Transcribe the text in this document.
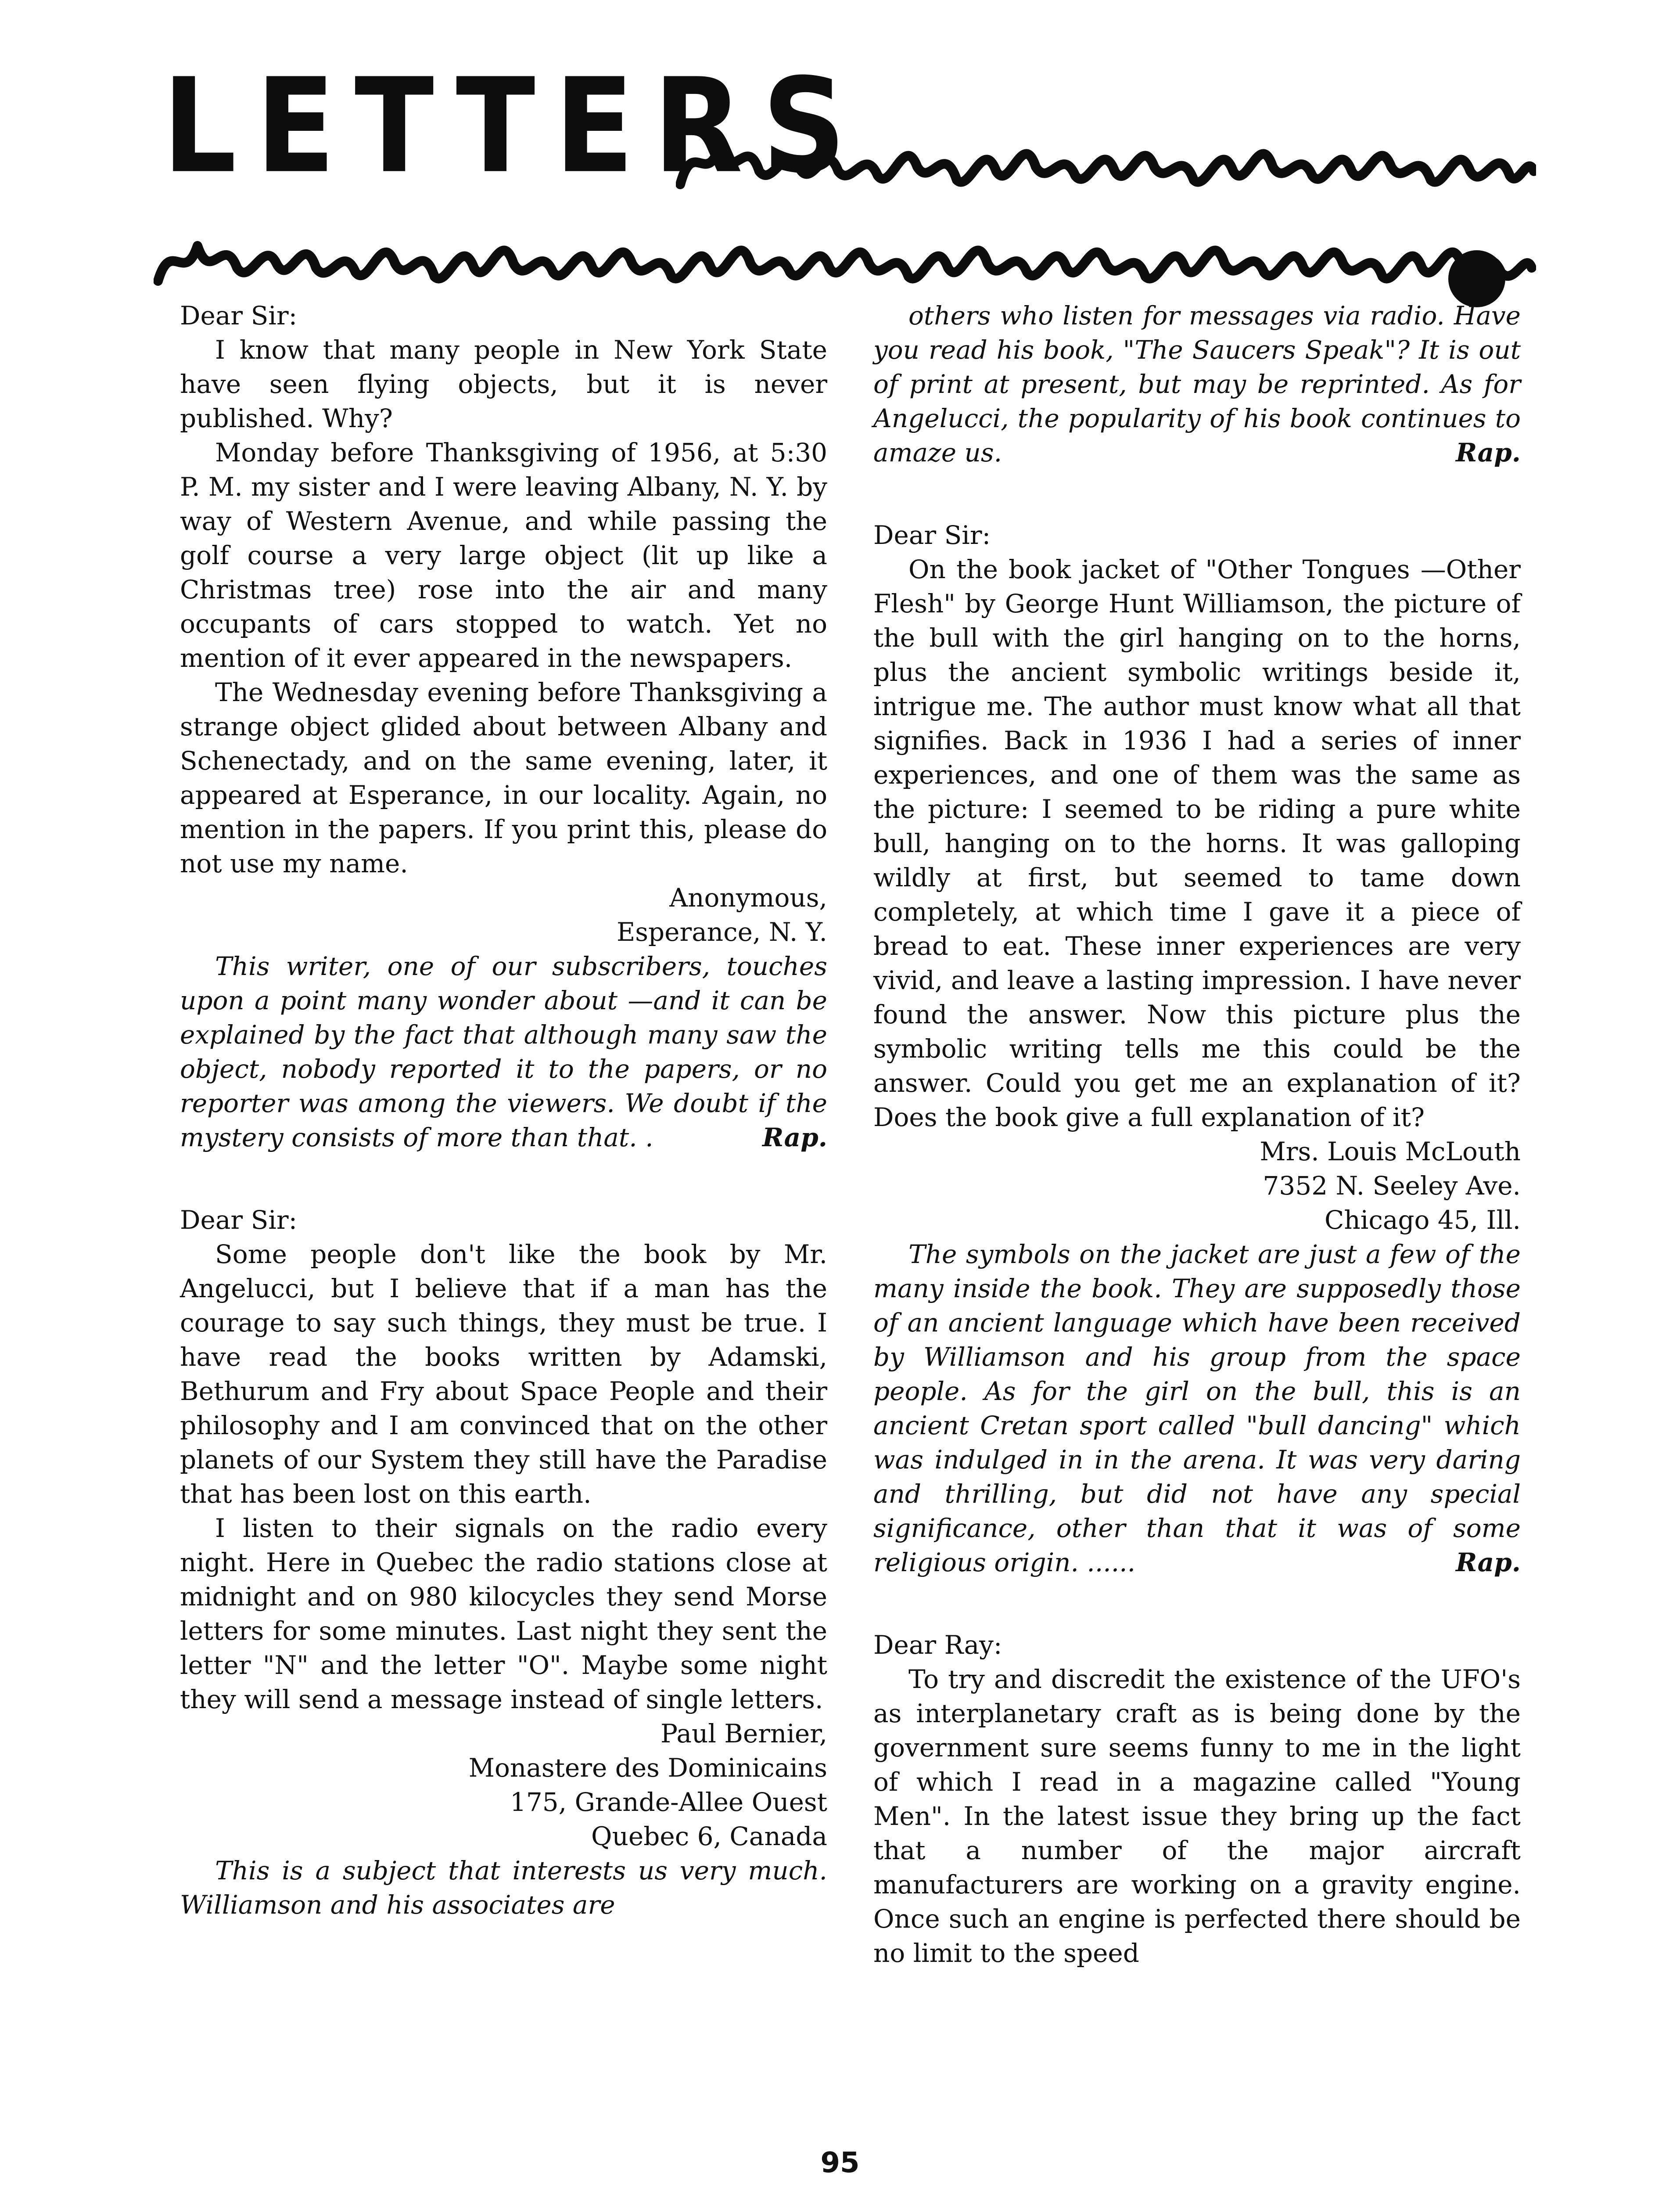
LETTERS

Dear Sir:

I know that many people in New York State have seen flying objects, but it is never published. Why?

Monday before Thanksgiving of 1956, at 5:30 P. M. my sister and I were leaving Albany, N. Y. by way of Western Avenue, and while passing the golf course a very large object (lit up like a Christmas tree) rose into the air and many occupants of cars stopped to watch. Yet no mention of it ever appeared in the newspapers.

The Wednesday evening before Thanksgiving a strange object glided about between Albany and Schenectady, and on the same evening, later, it appeared at Esperance, in our locality. Again, no mention in the papers. If you print this, please do not use my name.

Anonymous,
Esperance, N. Y.

This writer, one of our subscribers, touches upon a point many wonder about —and it can be explained by the fact that although many saw the object, nobody reported it to the papers, or no reporter was among the viewers. We doubt if the mystery consists of more than that. .	Rap.

Dear Sir:

Some people don't like the book by Mr. Angelucci, but I believe that if a man has the courage to say such things, they must be true. I have read the books written by Adamski, Bethurum and Fry about Space People and their philosophy and I am convinced that on the other planets of our System they still have the Paradise that has been lost on this earth.

I listen to their signals on the radio every night. Here in Quebec the radio stations close at midnight and on 980 kilocycles they send Morse letters for some minutes. Last night they sent the letter "N" and the letter "O". Maybe some night they will send a message instead of single letters.

Paul Bernier,
Monastere des Dominicains
175, Grande-Allee Ouest
Quebec 6, Canada

This is a subject that interests us very much. Williamson and his associates are

others who listen for messages via radio. Have you read his book, "The Saucers Speak"? It is out of print at present, but may be reprinted. As for Angelucci, the popularity of his book continues to amaze us.	Rap.

Dear Sir:

On the book jacket of "Other Tongues —Other Flesh" by George Hunt Williamson, the picture of the bull with the girl hanging on to the horns, plus the ancient symbolic writings beside it, intrigue me. The author must know what all that signifies. Back in 1936 I had a series of inner experiences, and one of them was the same as the picture: I seemed to be riding a pure white bull, hanging on to the horns. It was galloping wildly at first, but seemed to tame down completely, at which time I gave it a piece of bread to eat. These inner experiences are very vivid, and leave a lasting impression. I have never found the answer. Now this picture plus the symbolic writing tells me this could be the answer. Could you get me an explanation of it? Does the book give a full explanation of it?

Mrs. Louis McLouth
7352 N. Seeley Ave.
Chicago 45, Ill.

The symbols on the jacket are just a few of the many inside the book. They are supposedly those of an ancient language which have been received by Williamson and his group from the space people. As for the girl on the bull, this is an ancient Cretan sport called "bull dancing" which was indulged in in the arena. It was very daring and thrilling, but did not have any special significance, other than that it was of some religious origin. ......	Rap.

Dear Ray:

To try and discredit the existence of the UFO's as interplanetary craft as is being done by the government sure seems funny to me in the light of which I read in a magazine called "Young Men". In the latest issue they bring up the fact that a number of the major aircraft manufacturers are working on a gravity engine. Once such an engine is perfected there should be no limit to the speed

95
